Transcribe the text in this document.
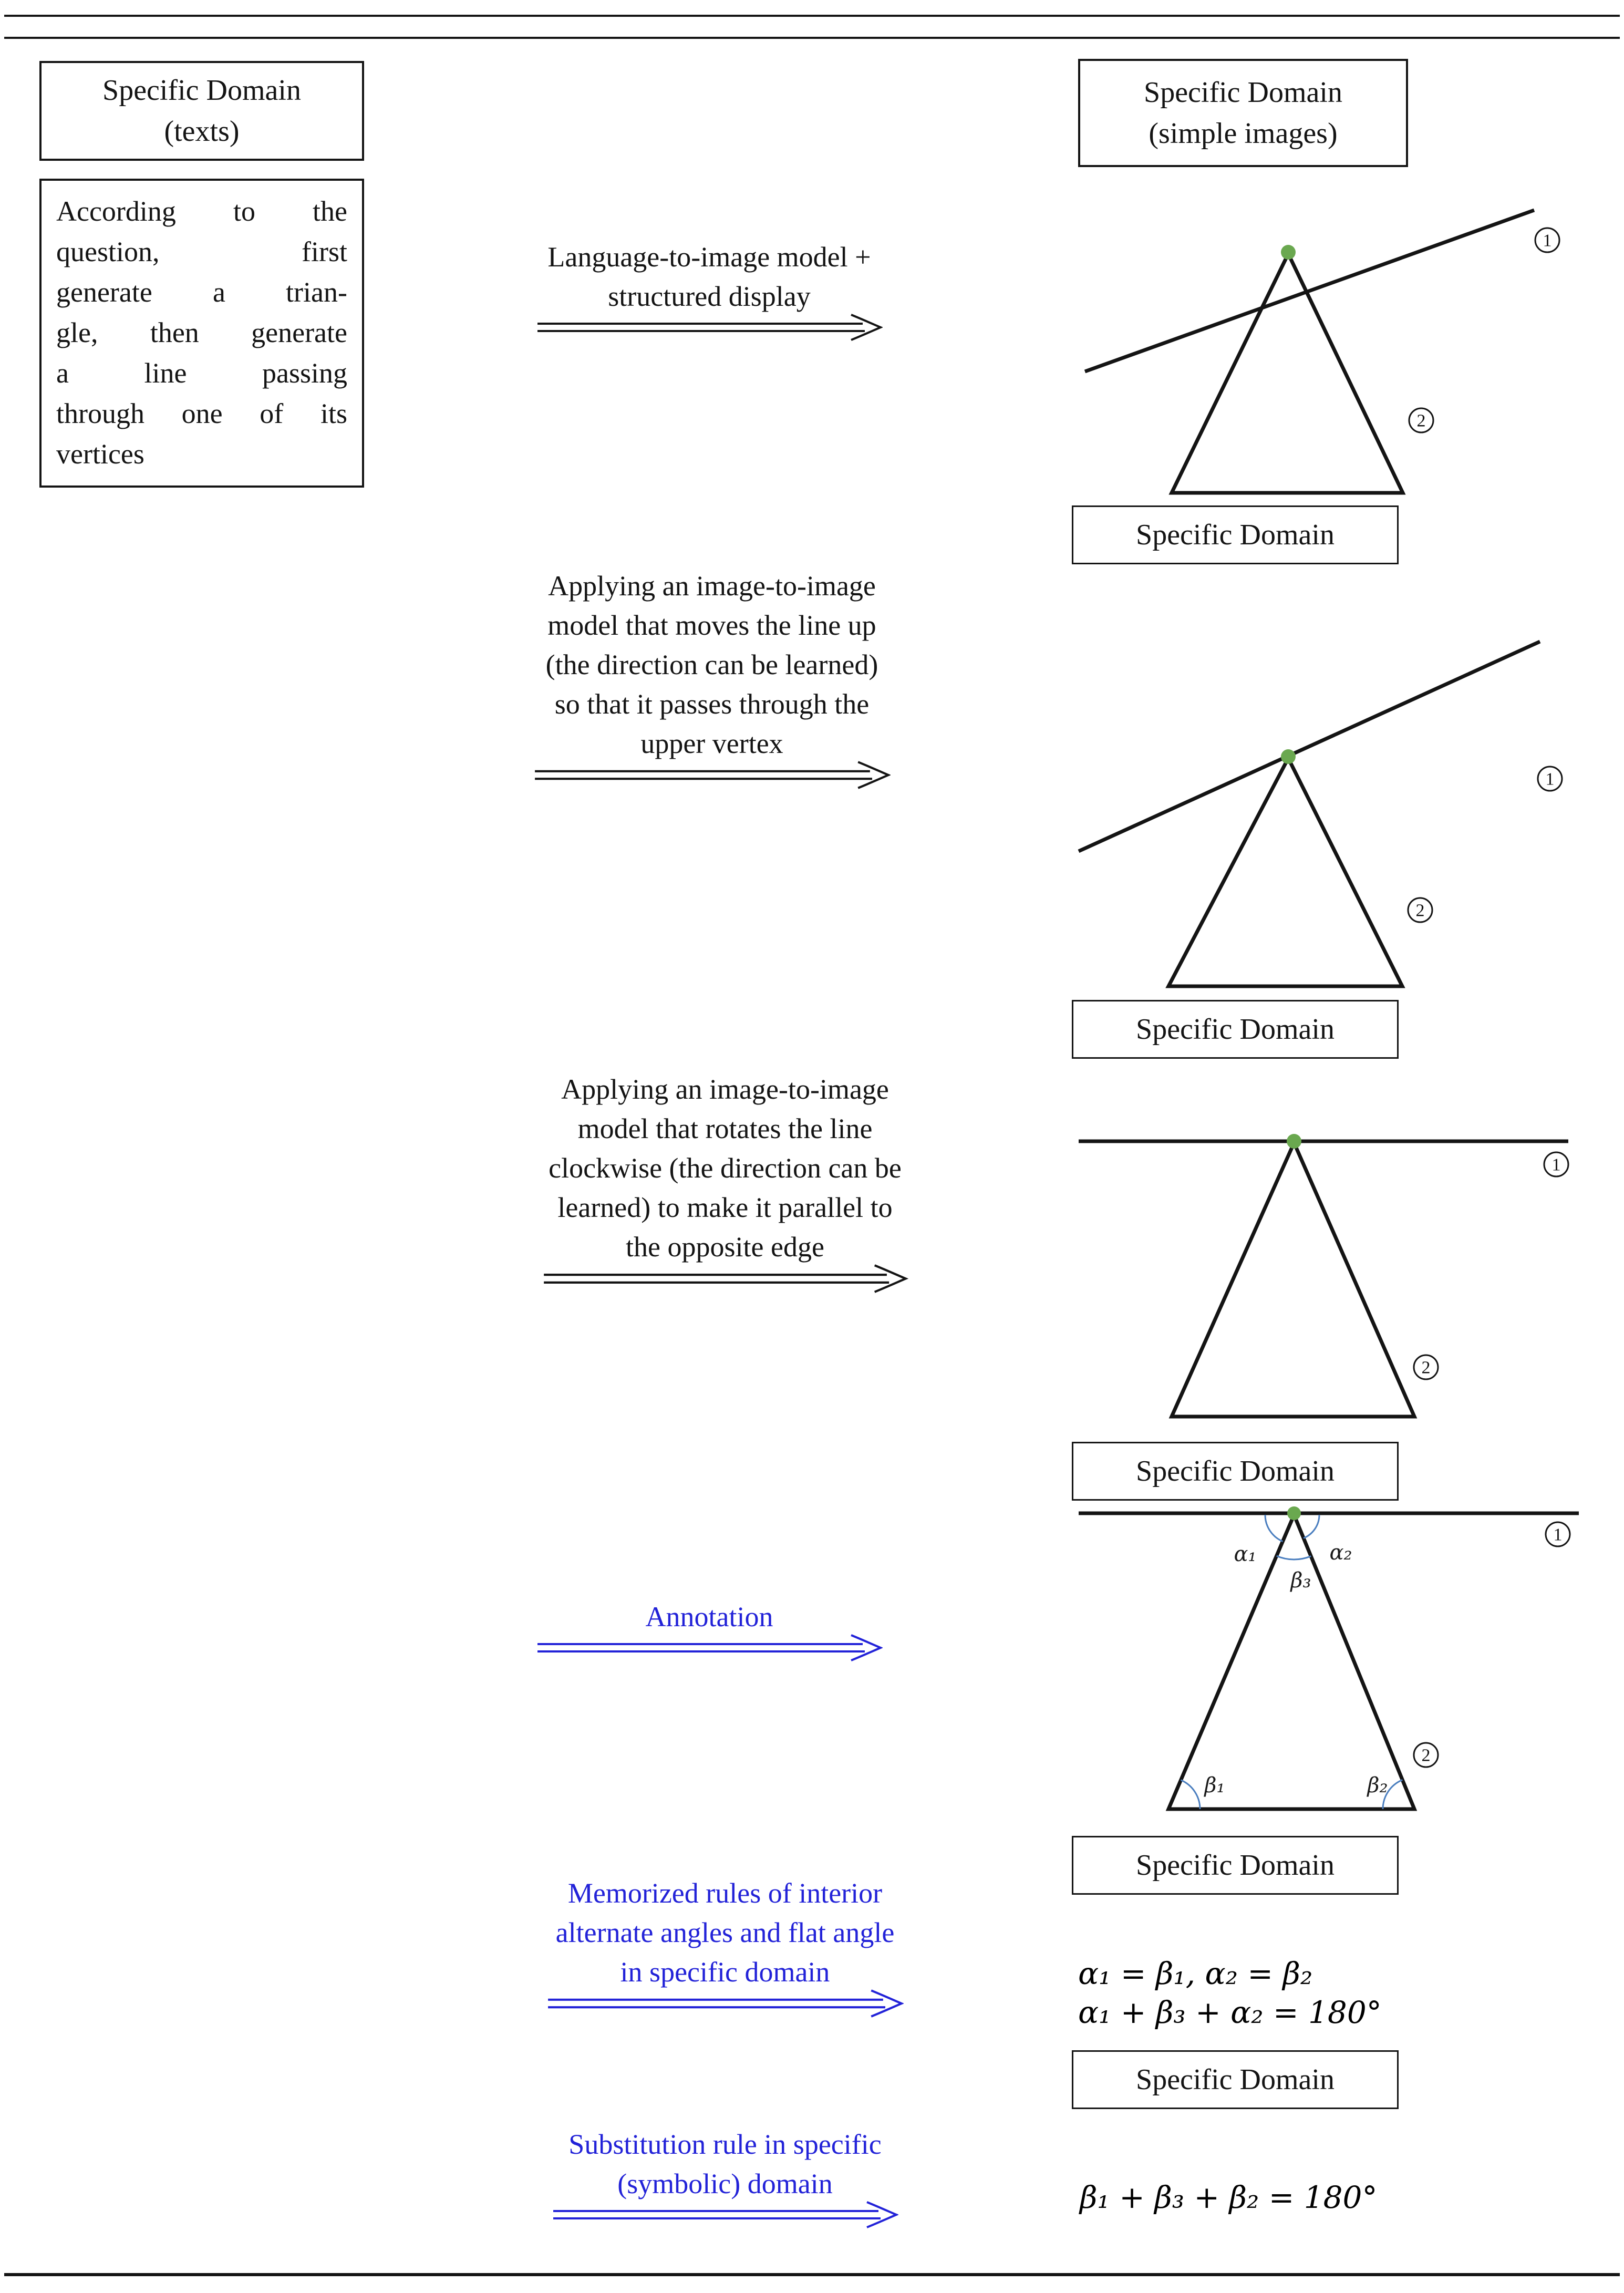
Specific Domain
(texts)
According to the
question, first
generate a trian-
gle, then generate
a line passing
through one of its
vertices
Specific Domain
(simple images)
Language-to-image model +
structured display
1
2
Specific Domain
Applying an image-to-image
model that moves the line up
(the direction can be learned)
so that it passes through the
upper vertex
1
2
Specific Domain
Applying an image-to-image
model that rotates the line
clockwise (the direction can be
learned) to make it parallel to
the opposite edge
1
2
Specific Domain
Annotation
α₁	α₂
β₃
β₁	β₂
1
2
Specific Domain
Memorized rules of interior
alternate angles and flat angle
in specific domain	α₁ = β₁, α₂ = β₂
α₁ + β₃ + α₂ = 180°
Specific Domain
Substitution rule in specific
(symbolic) domain	β₁ + β₃ + β₂ = 180°
